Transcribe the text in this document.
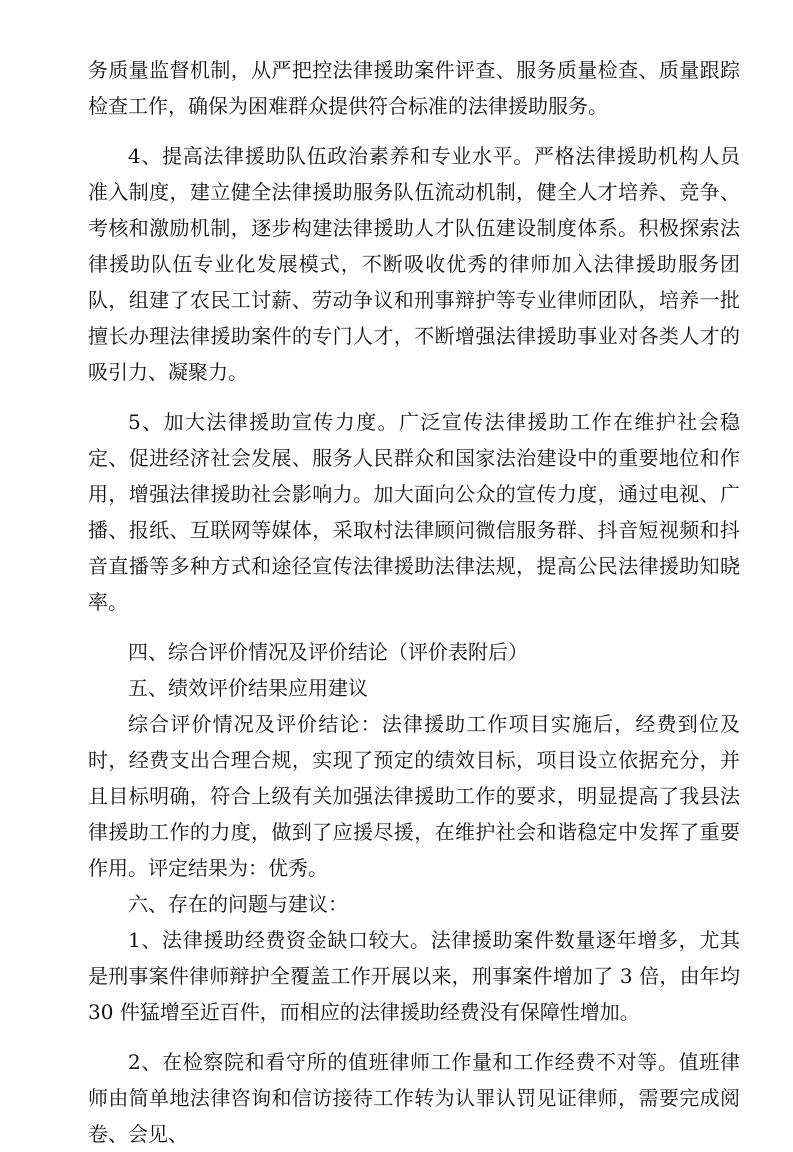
务质量监督机制，从严把控法律援助案件评查、服务质量检查、质量跟踪检查工作，确保为困难群众提供符合标准的法律援助服务。

4、提高法律援助队伍政治素养和专业水平。严格法律援助机构人员准入制度，建立健全法律援助服务队伍流动机制，健全人才培养、竞争、考核和激励机制，逐步构建法律援助人才队伍建设制度体系。积极探索法律援助队伍专业化发展模式，不断吸收优秀的律师加入法律援助服务团队，组建了农民工讨薪、劳动争议和刑事辩护等专业律师团队，培养一批擅长办理法律援助案件的专门人才，不断增强法律援助事业对各类人才的吸引力、凝聚力。

5、加大法律援助宣传力度。广泛宣传法律援助工作在维护社会稳定、促进经济社会发展、服务人民群众和国家法治建设中的重要地位和作用，增强法律援助社会影响力。加大面向公众的宣传力度，通过电视、广播、报纸、互联网等媒体，采取村法律顾问微信服务群、抖音短视频和抖音直播等多种方式和途径宣传法律援助法律法规，提高公民法律援助知晓率。

四、综合评价情况及评价结论（评价表附后）

五、绩效评价结果应用建议

综合评价情况及评价结论：法律援助工作项目实施后，经费到位及时，经费支出合理合规，实现了预定的绩效目标，项目设立依据充分，并且目标明确，符合上级有关加强法律援助工作的要求，明显提高了我县法律援助工作的力度，做到了应援尽援，在维护社会和谐稳定中发挥了重要作用。评定结果为：优秀。

六、存在的问题与建议：

1、法律援助经费资金缺口较大。法律援助案件数量逐年增多，尤其是刑事案件律师辩护全覆盖工作开展以来，刑事案件增加了 3 倍，由年均 30 件猛增至近百件，而相应的法律援助经费没有保障性增加。

2、在检察院和看守所的值班律师工作量和工作经费不对等。值班律师由简单地法律咨询和信访接待工作转为认罪认罚见证律师，需要完成阅卷、会见、
